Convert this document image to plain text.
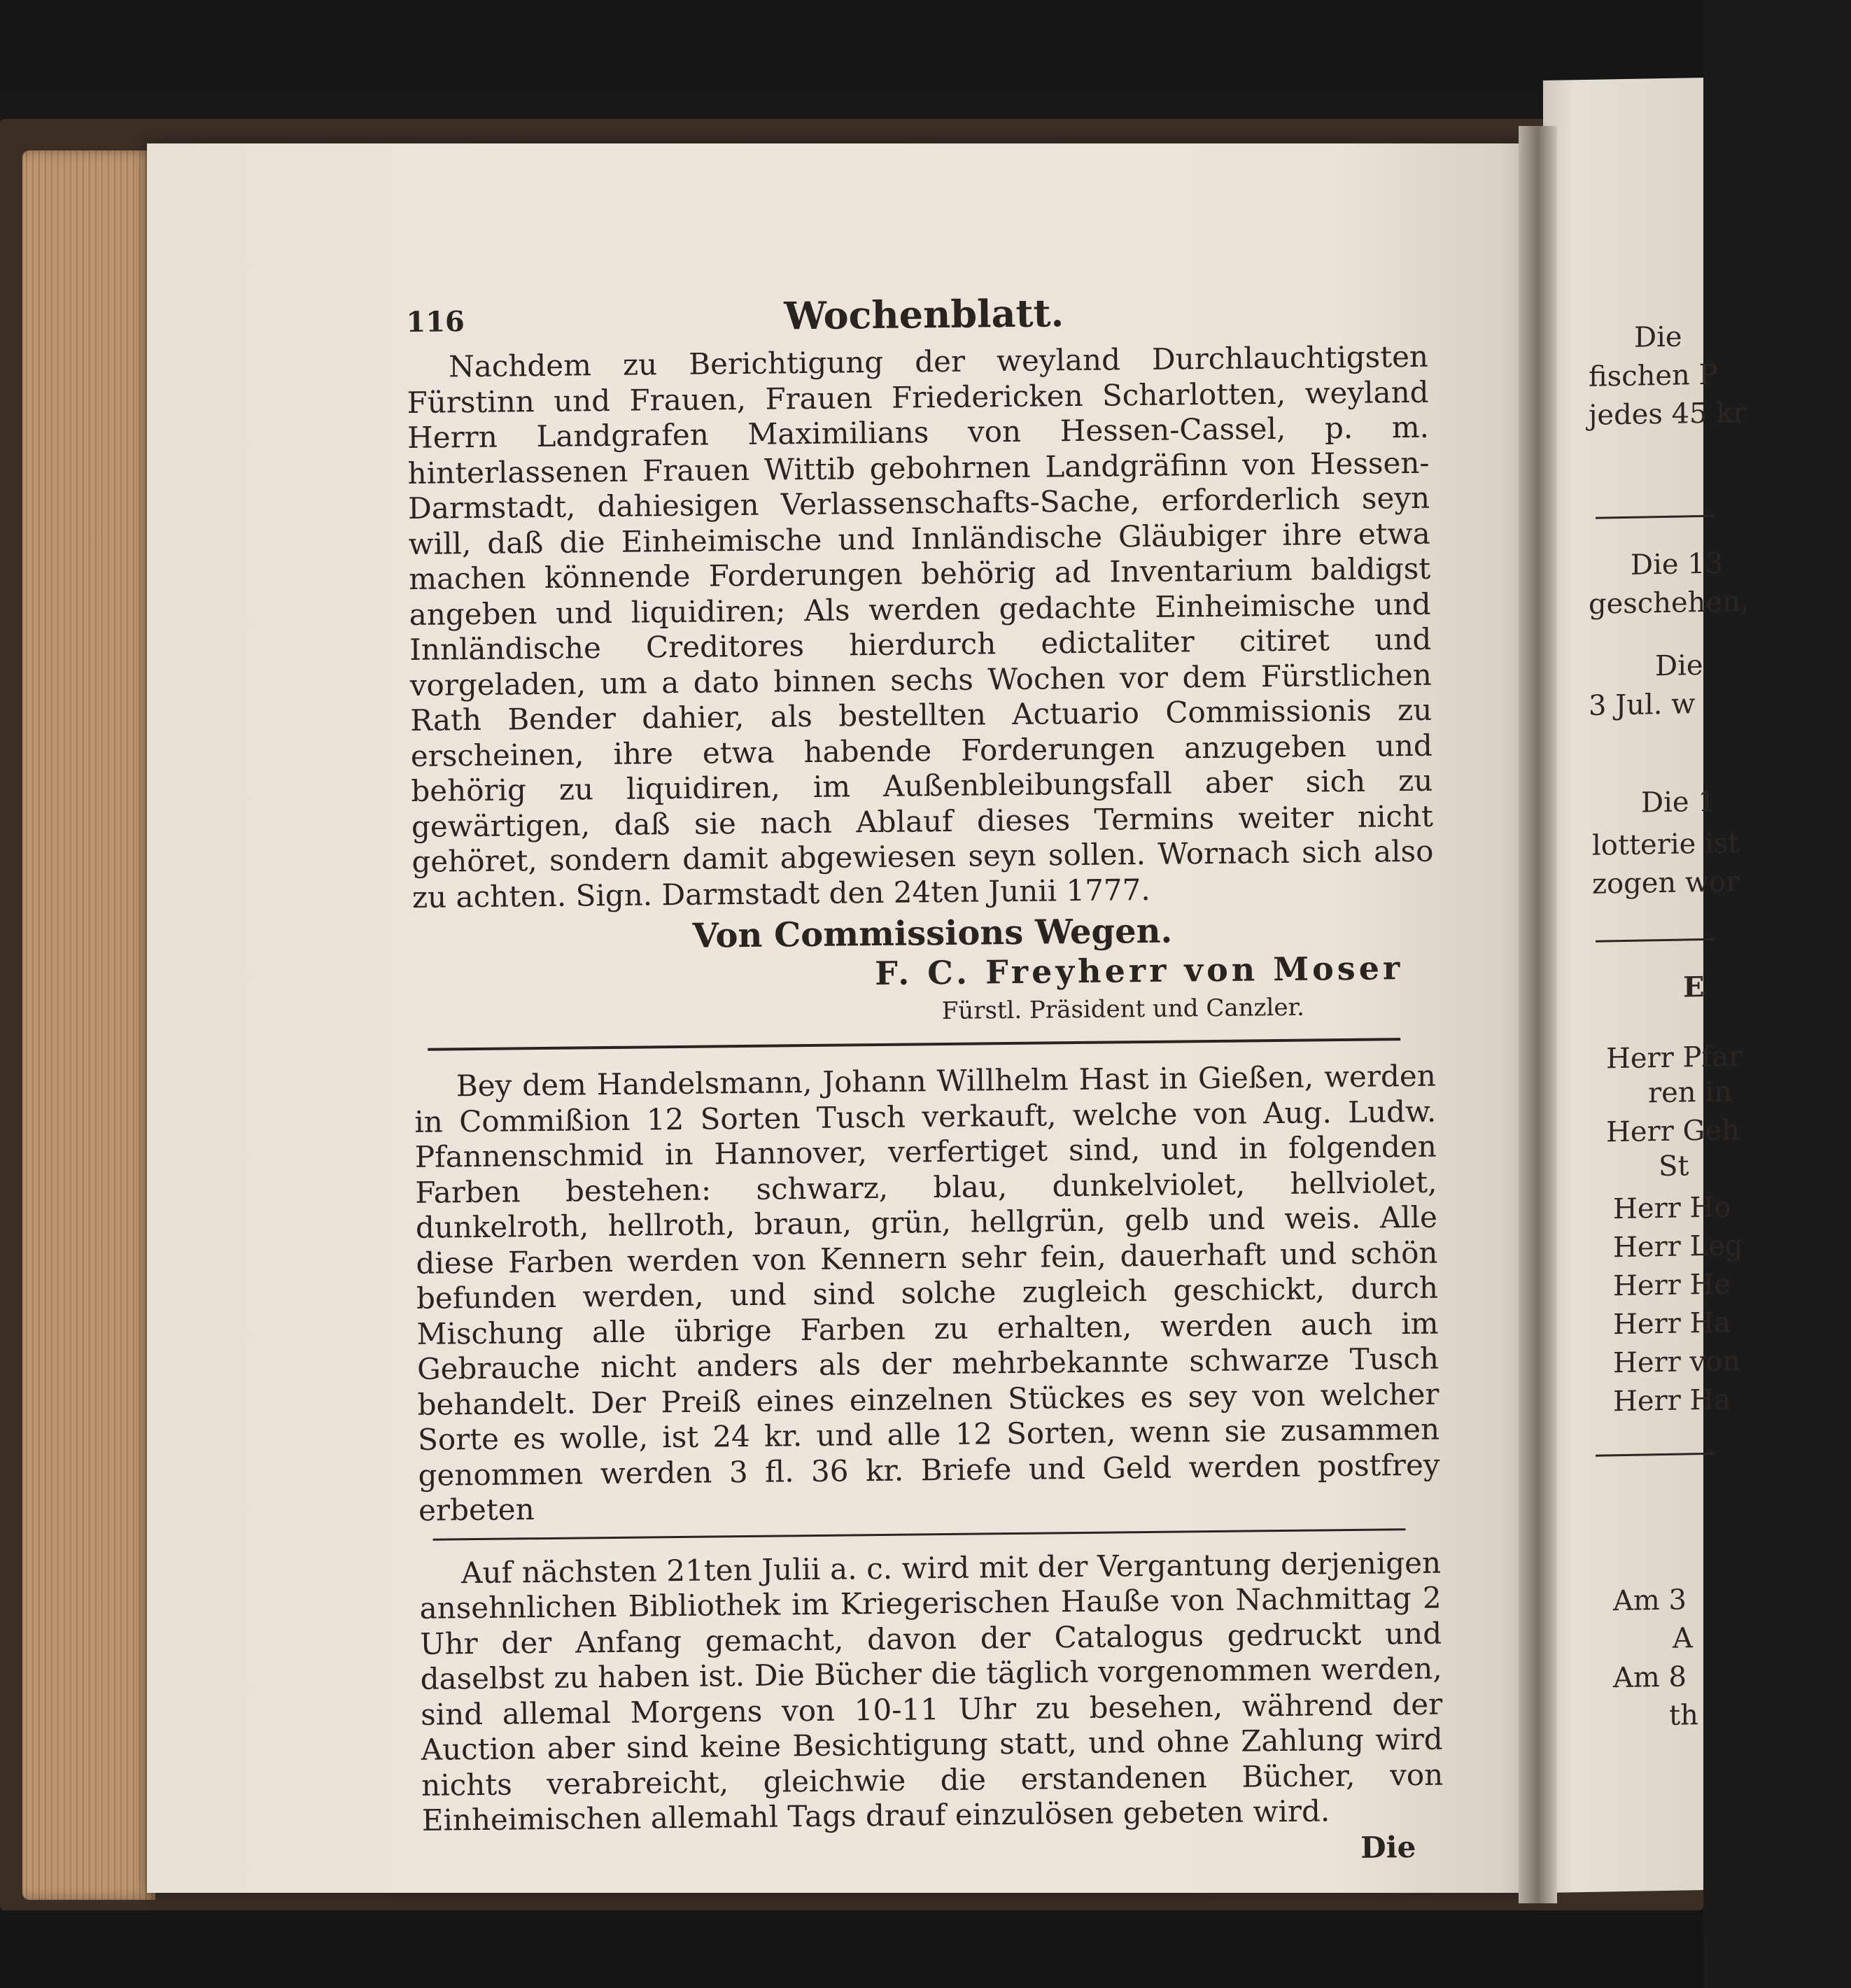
Die
fischen P
jedes 45 kr
Die 13
geschehen,
Die
3 Jul. w
Die 1
lotterie ist
zogen wor
E
Herr Pfar
ren in
Herr Geh
St
Herr Ho
Herr Leg
Herr He
Herr Ha
Herr von
Herr Ha
Am 3
A
Am 8
th
116	Wochenblatt.

Nachdem zu Berichtigung der weyland Durchlauchtigsten Fürstinn und Frauen, Frauen Friedericken Scharlotten, weyland Herrn Landgrafen Maximilians von Hessen-Cassel, p. m. hinterlassenen Frauen Wittib gebohrnen Landgräfinn von Hessen-Darmstadt, dahiesigen Verlassenschafts-Sache, erforderlich seyn will, daß die Einheimische und Innländische Gläubiger ihre etwa machen könnende Forderungen behörig ad Inventarium baldigst angeben und liquidiren; Als werden gedachte Einheimische und Innländische Creditores hierdurch edictaliter citiret und vorgeladen, um a dato binnen sechs Wochen vor dem Fürstlichen Rath Bender dahier, als bestellten Actuario Commissionis zu erscheinen, ihre etwa habende Forderungen anzugeben und behörig zu liquidiren, im Außenbleibungsfall aber sich zu gewärtigen, daß sie nach Ablauf dieses Termins weiter nicht gehöret, sondern damit abgewiesen seyn sollen. Wornach sich also zu achten. Sign. Darmstadt den 24ten Junii 1777.

Von Commissions Wegen.
F. C. Freyherr von Moser
Fürstl. Präsident und Canzler.

Bey dem Handelsmann, Johann Willhelm Hast in Gießen, werden in Commißion 12 Sorten Tusch verkauft, welche von Aug. Ludw. Pfannenschmid in Hannover, verfertiget sind, und in folgenden Farben bestehen: schwarz, blau, dunkelviolet, hellviolet, dunkelroth, hellroth, braun, grün, hellgrün, gelb und weis. Alle diese Farben werden von Kennern sehr fein, dauerhaft und schön befunden werden, und sind solche zugleich geschickt, durch Mischung alle übrige Farben zu erhalten, werden auch im Gebrauche nicht anders als der mehrbekannte schwarze Tusch behandelt. Der Preiß eines einzelnen Stückes es sey von welcher Sorte es wolle, ist 24 kr. und alle 12 Sorten, wenn sie zusammen genommen werden 3 fl. 36 kr. Briefe und Geld werden postfrey erbeten

Auf nächsten 21ten Julii a. c. wird mit der Vergantung derjenigen ansehnlichen Bibliothek im Kriegerischen Hauße von Nachmittag 2 Uhr der Anfang gemacht, davon der Catalogus gedruckt und daselbst zu haben ist. Die Bücher die täglich vorgenommen werden, sind allemal Morgens von 10-11 Uhr zu besehen, während der Auction aber sind keine Besichtigung statt, und ohne Zahlung wird nichts verabreicht, gleichwie die erstandenen Bücher, von Einheimischen allemahl Tags drauf einzulösen gebeten wird.

Die
